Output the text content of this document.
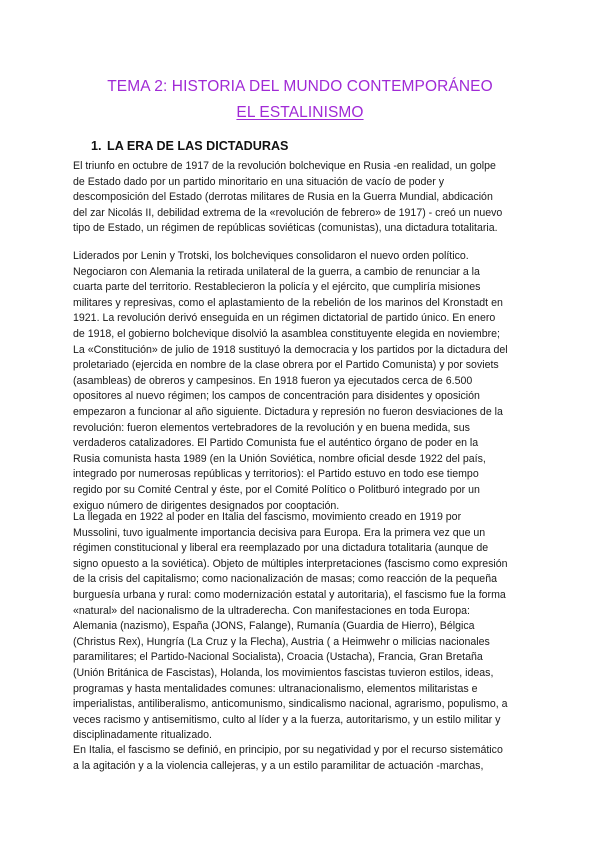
TEMA 2: HISTORIA DEL MUNDO CONTEMPORÁNEO
EL ESTALINISMO
1. LA ERA DE LAS DICTADURAS
El triunfo en octubre de 1917 de la revolución bolchevique en Rusia -en realidad, un golpe
de Estado dado por un partido minoritario en una situación de vacío de poder y
descomposición del Estado (derrotas militares de Rusia en la Guerra Mundial, abdicación
del zar Nicolás II, debilidad extrema de la «revolución de febrero» de 1917) - creó un nuevo
tipo de Estado, un régimen de repúblicas soviéticas (comunistas), una dictadura totalitaria.
Liderados por Lenin y Trotski, los bolcheviques consolidaron el nuevo orden político.
Negociaron con Alemania la retirada unilateral de la guerra, a cambio de renunciar a la
cuarta parte del territorio. Restablecieron la policía y el ejército, que cumpliría misiones
militares y represivas, como el aplastamiento de la rebelión de los marinos del Kronstadt en
1921. La revolución derivó enseguida en un régimen dictatorial de partido único. En enero
de 1918, el gobierno bolchevique disolvió la asamblea constituyente elegida en noviembre;
La «Constitución» de julio de 1918 sustituyó la democracia y los partidos por la dictadura del
proletariado (ejercida en nombre de la clase obrera por el Partido Comunista) y por soviets
(asambleas) de obreros y campesinos. En 1918 fueron ya ejecutados cerca de 6.500
opositores al nuevo régimen; los campos de concentración para disidentes y oposición
empezaron a funcionar al año siguiente. Dictadura y represión no fueron desviaciones de la
revolución: fueron elementos vertebradores de la revolución y en buena medida, sus
verdaderos catalizadores. El Partido Comunista fue el auténtico órgano de poder en la
Rusia comunista hasta 1989 (en la Unión Soviética, nombre oficial desde 1922 del país,
integrado por numerosas repúblicas y territorios): el Partido estuvo en todo ese tiempo
regido por su Comité Central y éste, por el Comité Político o Politburó integrado por un
exiguo número de dirigentes designados por cooptación.
La llegada en 1922 al poder en Italia del fascismo, movimiento creado en 1919 por
Mussolini, tuvo igualmente importancia decisiva para Europa. Era la primera vez que un
régimen constitucional y liberal era reemplazado por una dictadura totalitaria (aunque de
signo opuesto a la soviética). Objeto de múltiples interpretaciones (fascismo como expresión
de la crisis del capitalismo; como nacionalización de masas; como reacción de la pequeña
burguesía urbana y rural: como modernización estatal y autoritaria), el fascismo fue la forma
«natural» del nacionalismo de la ultraderecha. Con manifestaciones en toda Europa:
Alemania (nazismo), España (JONS, Falange), Rumanía (Guardia de Hierro), Bélgica
(Christus Rex), Hungría (La Cruz y la Flecha), Austria ( a Heimwehr o milicias nacionales
paramilitares; el Partido-Nacional Socialista), Croacia (Ustacha), Francia, Gran Bretaña
(Unión Británica de Fascistas), Holanda, los movimientos fascistas tuvieron estilos, ideas,
programas y hasta mentalidades comunes: ultranacionalismo, elementos militaristas e
imperialistas, antiliberalismo, anticomunismo, sindicalismo nacional, agrarismo, populismo, a
veces racismo y antisemitismo, culto al líder y a la fuerza, autoritarismo, y un estilo militar y
disciplinadamente ritualizado.
En Italia, el fascismo se definió, en principio, por su negatividad y por el recurso sistemático
a la agitación y a la violencia callejeras, y a un estilo paramilitar de actuación -marchas,
